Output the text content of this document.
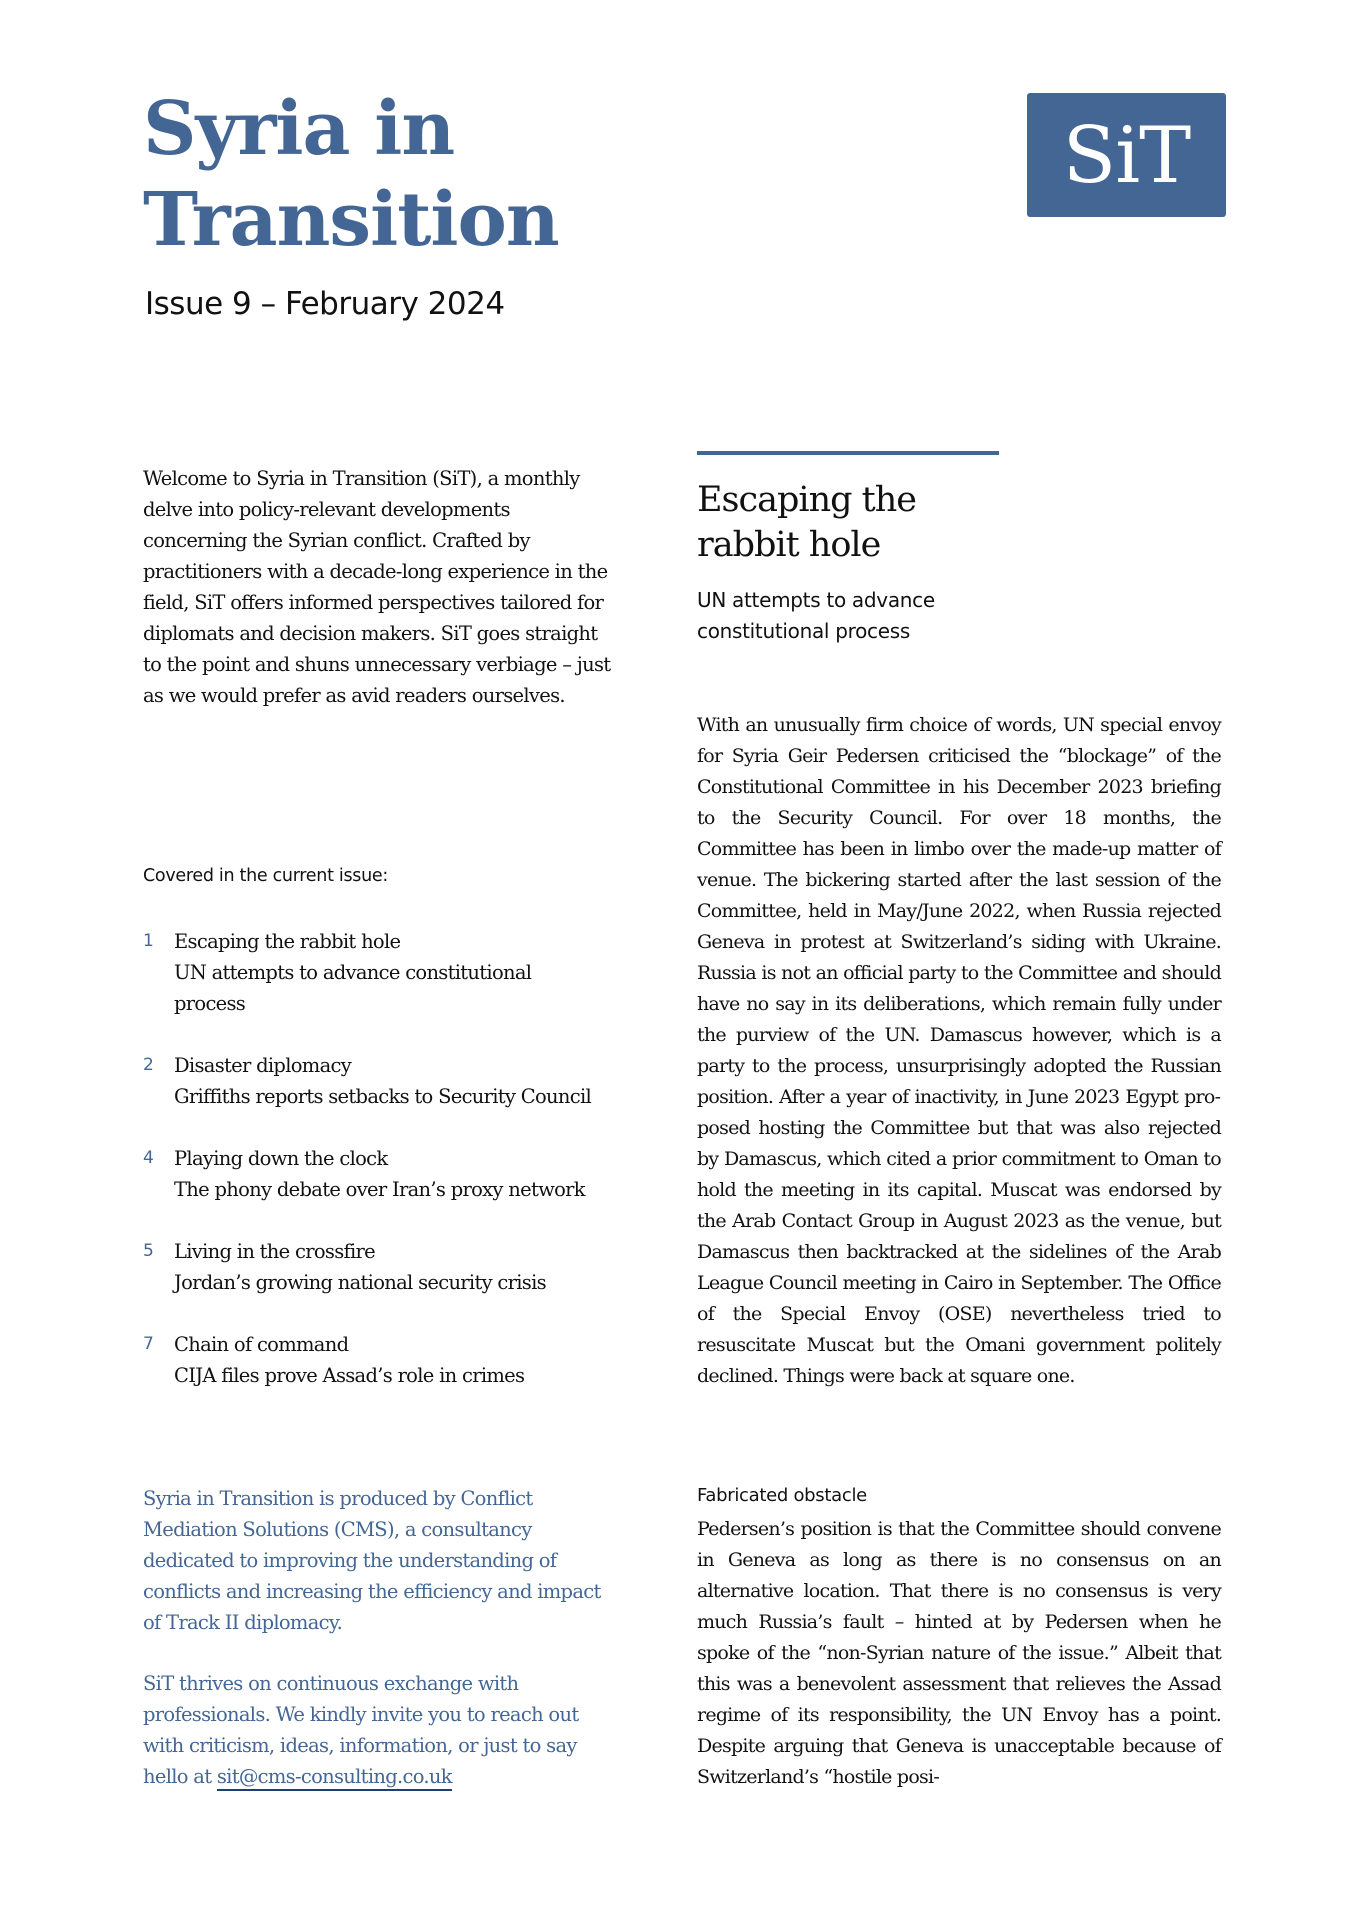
Syria in
Transition

Issue 9 – February 2024

SiT

Welcome to Syria in Transition (SiT), a monthly delve into policy-relevant developments concerning the Syrian conflict. Crafted by practitioners with a decade-long experience in the field, SiT offers informed perspectives tailored for diplomats and decision makers. SiT goes straight to the point and shuns unnecessary verbiage – just as we would prefer as avid readers ourselves.

Covered in the current issue:

1 Escaping the rabbit hole
UN attempts to advance constitutional process
2 Disaster diplomacy
Griffiths reports setbacks to Security Council
4 Playing down the clock
The phony debate over Iran’s proxy network
5 Living in the crossfire
Jordan’s growing national security crisis
7 Chain of command
CIJA files prove Assad’s role in crimes

Syria in Transition is produced by Conflict Mediation Solutions (CMS), a consultancy dedicated to improving the understanding of conflicts and increasing the efficiency and impact of Track II diplomacy.

SiT thrives on continuous exchange with professionals. We kindly invite you to reach out with criticism, ideas, information, or just to say hello at sit@cms-consulting.co.uk

Escaping the rabbit hole

UN attempts to advance constitutional process

With an unusually firm choice of words, UN special envoy for Syria Geir Pedersen criticised the “blockage” of the Constitutional Committee in his December 2023 briefing to the Security Council. For over 18 months, the Committee has been in limbo over the made-up matter of venue. The bickering started after the last session of the Committee, held in May/June 2022, when Russia rejected Geneva in protest at Switzerland’s siding with Ukraine. Russia is not an official party to the Committee and should have no say in its deliberations, which remain fully under the purview of the UN. Damascus however, which is a party to the process, unsurprisingly adopted the Russian position. After a year of inactivity, in June 2023 Egypt proposed hosting the Committee but that was also rejected by Damascus, which cited a prior commitment to Oman to hold the meeting in its capital. Muscat was endorsed by the Arab Contact Group in August 2023 as the venue, but Damascus then backtracked at the sidelines of the Arab League Council meeting in Cairo in September. The Office of the Special Envoy (OSE) nevertheless tried to resuscitate Muscat but the Omani government politely declined. Things were back at square one.

Fabricated obstacle

Pedersen’s position is that the Committee should convene in Geneva as long as there is no consensus on an alternative location. That there is no consensus is very much Russia’s fault – hinted at by Pedersen when he spoke of the “non-Syrian nature of the issue.” Albeit that this was a benevolent assessment that relieves the Assad regime of its responsibility, the UN Envoy has a point. Despite arguing that Geneva is unacceptable because of Switzerland’s “hostile posi-
